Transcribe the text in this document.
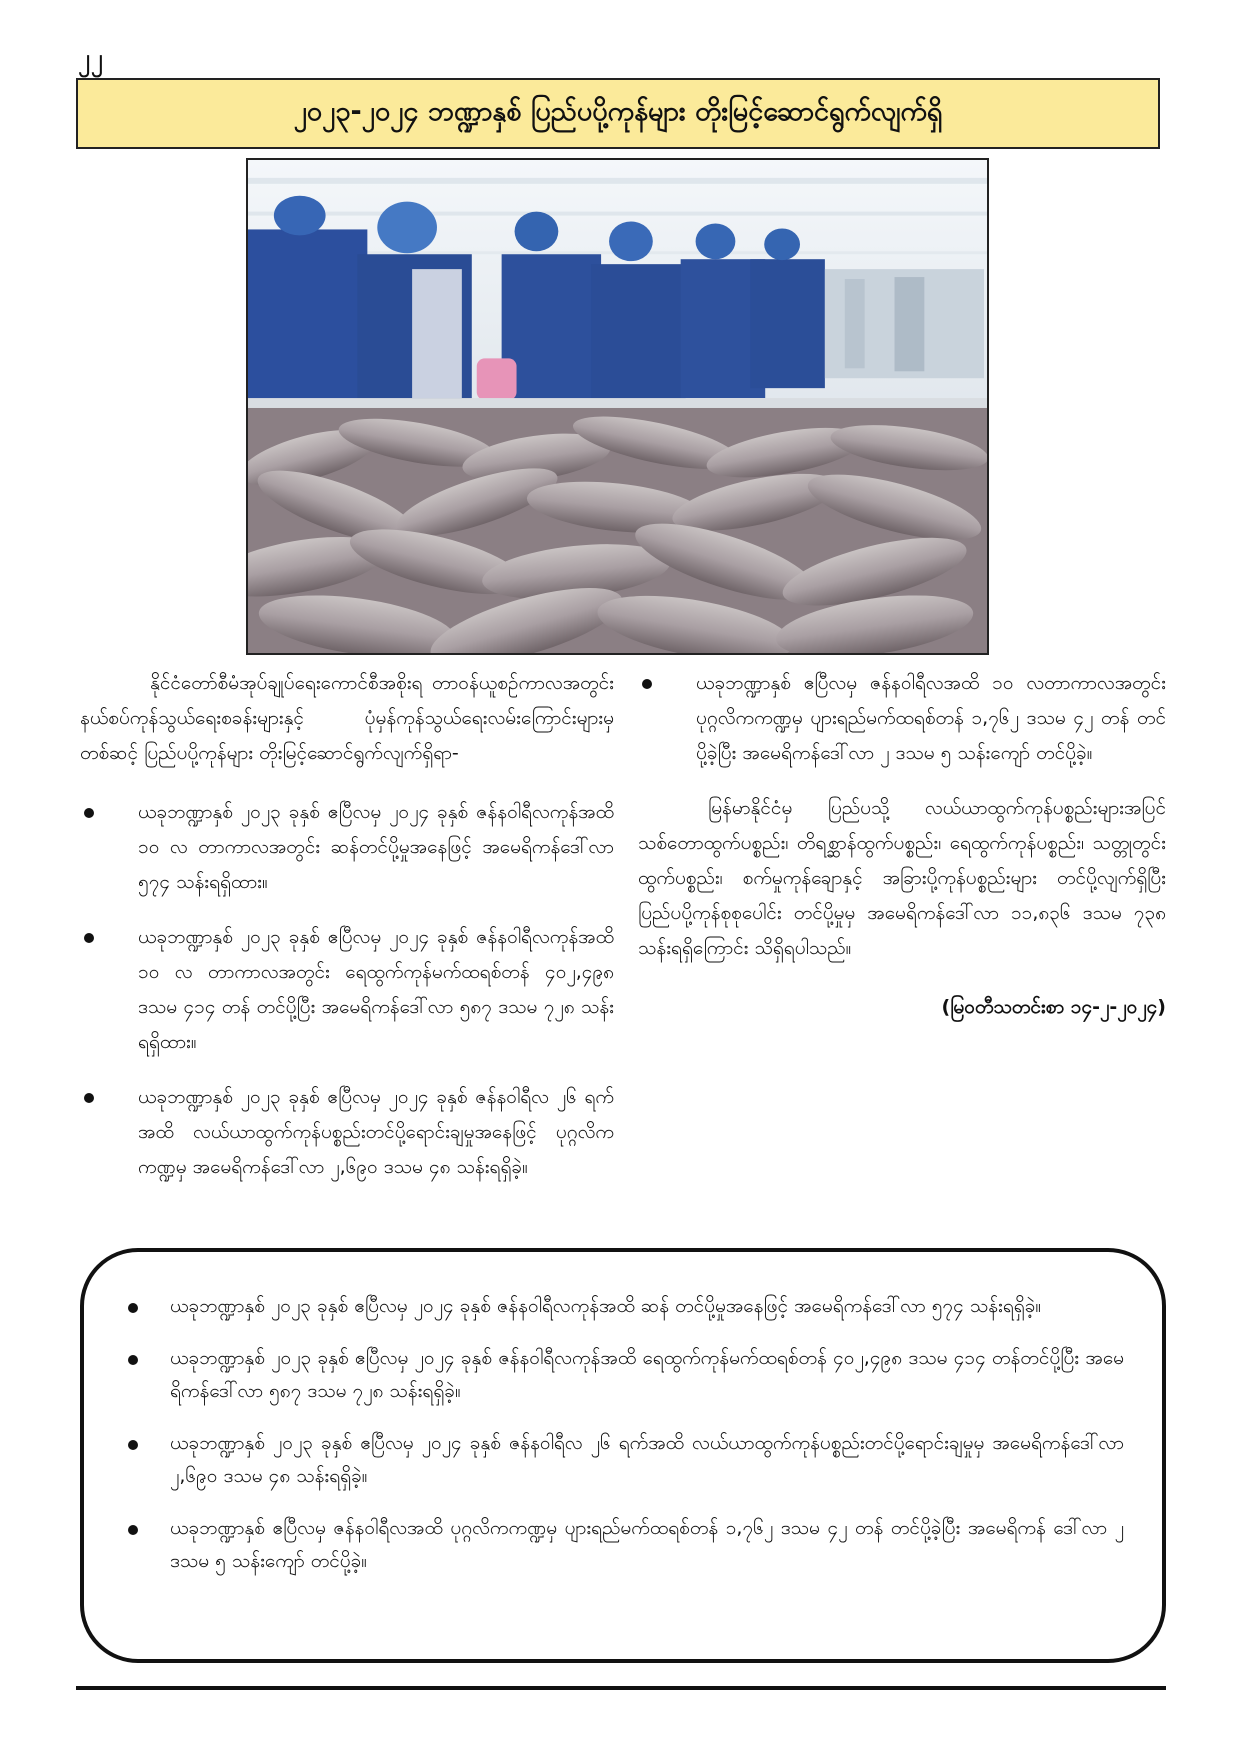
၂၂
၂၀၂၃-၂၀၂၄ ဘဏ္ဍာနှစ် ပြည်ပပို့ကုန်များ တိုးမြင့်ဆောင်ရွက်လျက်ရှိ

နိုင်ငံတော်စီမံအုပ်ချုပ်ရေးကောင်စီအစိုးရ တာဝန်ယူစဉ်ကာလအတွင်း နယ်စပ်ကုန်သွယ်ရေးစခန်းများနှင့် ပုံမှန်ကုန်သွယ်ရေးလမ်းကြောင်းများမှတစ်ဆင့် ပြည်ပပို့ကုန်များ တိုးမြင့်ဆောင်ရွက်လျက်ရှိရာ-

ယခုဘဏ္ဍာနှစ် ၂၀၂၃ ခုနှစ် ဧပြီလမှ ၂၀၂၄ ခုနှစ် ဇန်နဝါရီလကုန်အထိ ၁၀ လ တာကာလအတွင်း ဆန်တင်ပို့မှုအနေဖြင့် အမေရိကန်ဒေါ်လာ ၅၇၄ သန်းရရှိထား။
ယခုဘဏ္ဍာနှစ် ၂၀၂၃ ခုနှစ် ဧပြီလမှ ၂၀၂၄ ခုနှစ် ဇန်နဝါရီလကုန်အထိ ၁၀ လ တာကာလအတွင်း ရေထွက်ကုန်မက်ထရစ်တန် ၄၀၂,၄၉၈ ဒသမ ၄၁၄ တန် တင်ပို့ပြီး အမေရိကန်ဒေါ်လာ ၅၈၇ ဒသမ ၇၂၈ သန်းရရှိထား။
ယခုဘဏ္ဍာနှစ် ၂၀၂၃ ခုနှစ် ဧပြီလမှ ၂၀၂၄ ခုနှစ် ဇန်နဝါရီလ ၂၆ ရက်အထိ လယ်ယာထွက်ကုန်ပစ္စည်းတင်ပို့ရောင်းချမှုအနေဖြင့် ပုဂ္ဂလိကကဏ္ဍမှ အမေရိကန်ဒေါ်လာ ၂,၆၉၀ ဒသမ ၄၈ သန်းရရှိခဲ့။
ယခုဘဏ္ဍာနှစ် ဧပြီလမှ ဇန်နဝါရီလအထိ ၁၀ လတာကာလအတွင်း ပုဂ္ဂလိကကဏ္ဍမှ ပျားရည်မက်ထရစ်တန် ၁,၇၆၂ ဒသမ ၄၂ တန် တင်ပို့ခဲ့ပြီး အမေရိကန်ဒေါ်လာ ၂ ဒသမ ၅ သန်းကျော် တင်ပို့ခဲ့။

မြန်မာနိုင်ငံမှ ပြည်ပသို့ လယ်ယာထွက်ကုန်ပစ္စည်းများအပြင် သစ်တောထွက်ပစ္စည်း၊ တိရစ္ဆာန်ထွက်ပစ္စည်း၊ ရေထွက်ကုန်ပစ္စည်း၊ သတ္တုတွင်းထွက်ပစ္စည်း၊ စက်မှုကုန်ချောနှင့် အခြားပို့ကုန်ပစ္စည်းများ တင်ပို့လျက်ရှိပြီး ပြည်ပပို့ကုန်စုစုပေါင်း တင်ပို့မှုမှ အမေရိကန်ဒေါ်လာ ၁၁,၈၃၆ ဒသမ ၇၃၈ သန်းရရှိကြောင်း သိရှိရပါသည်။

(မြဝတီသတင်းစာ ၁၄-၂-၂၀၂၄)
ယခုဘဏ္ဍာနှစ် ၂၀၂၃ ခုနှစ် ဧပြီလမှ ၂၀၂၄ ခုနှစ် ဇန်နဝါရီလကုန်အထိ ဆန် တင်ပို့မှုအနေဖြင့် အမေရိကန်ဒေါ်လာ ၅၇၄ သန်းရရှိခဲ့။
ယခုဘဏ္ဍာနှစ် ၂၀၂၃ ခုနှစ် ဧပြီလမှ ၂၀၂၄ ခုနှစ် ဇန်နဝါရီလကုန်အထိ ရေထွက်ကုန်မက်ထရစ်တန် ၄၀၂,၄၉၈ ဒသမ ၄၁၄ တန်တင်ပို့ပြီး အမေရိကန်ဒေါ်လာ ၅၈၇ ဒသမ ၇၂၈ သန်းရရှိခဲ့။
ယခုဘဏ္ဍာနှစ် ၂၀၂၃ ခုနှစ် ဧပြီလမှ ၂၀၂၄ ခုနှစ် ဇန်နဝါရီလ ၂၆ ရက်အထိ လယ်ယာထွက်ကုန်ပစ္စည်းတင်ပို့ရောင်းချမှုမှ အမေရိကန်ဒေါ်လာ ၂,၆၉၀ ဒသမ ၄၈ သန်းရရှိခဲ့။
ယခုဘဏ္ဍာနှစ် ဧပြီလမှ ဇန်နဝါရီလအထိ ပုဂ္ဂလိကကဏ္ဍမှ ပျားရည်မက်ထရစ်တန် ၁,၇၆၂ ဒသမ ၄၂ တန် တင်ပို့ခဲ့ပြီး အမေရိကန် ဒေါ်လာ ၂ ဒသမ ၅ သန်းကျော် တင်ပို့ခဲ့။
